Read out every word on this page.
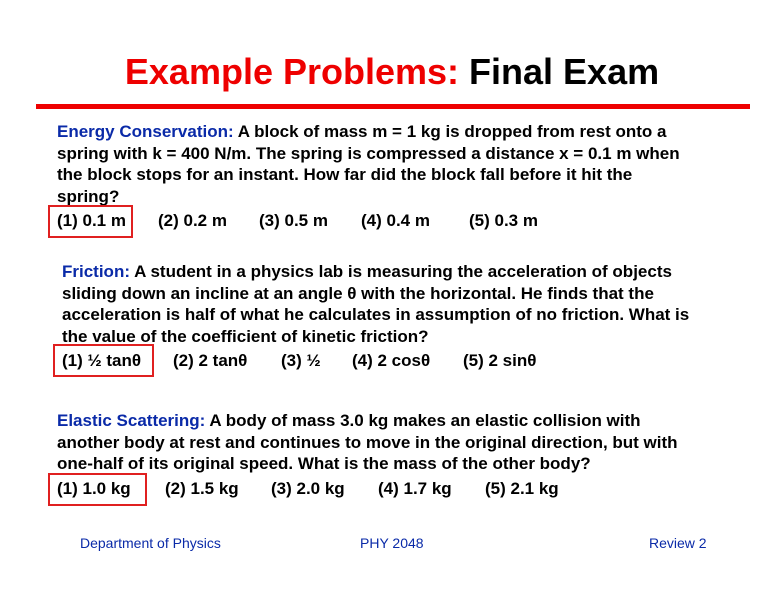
Example Problems: Final Exam
Energy Conservation: A block of mass m = 1 kg is dropped from rest onto a
spring with k = 400 N/m. The spring is compressed a distance x = 0.1 m when
the block stops for an instant. How far did the block fall before it hit the
spring?
(1) 0.1 m (2) 0.2 m (3) 0.5 m (4) 0.4 m (5) 0.3 m
Friction: A student in a physics lab is measuring the acceleration of objects
sliding down an incline at an angle θ with the horizontal. He finds that the
acceleration is half of what he calculates in assumption of no friction. What is
the value of the coefficient of kinetic friction?
(1) ½ tanθ (2) 2 tanθ (3) ½ (4) 2 cosθ (5) 2 sinθ
Elastic Scattering: A body of mass 3.0 kg makes an elastic collision with
another body at rest and continues to move in the original direction, but with
one-half of its original speed. What is the mass of the other body?
(1) 1.0 kg (2) 1.5 kg (3) 2.0 kg (4) 1.7 kg (5) 2.1 kg
Department of Physics	PHY 2048	Review 2
